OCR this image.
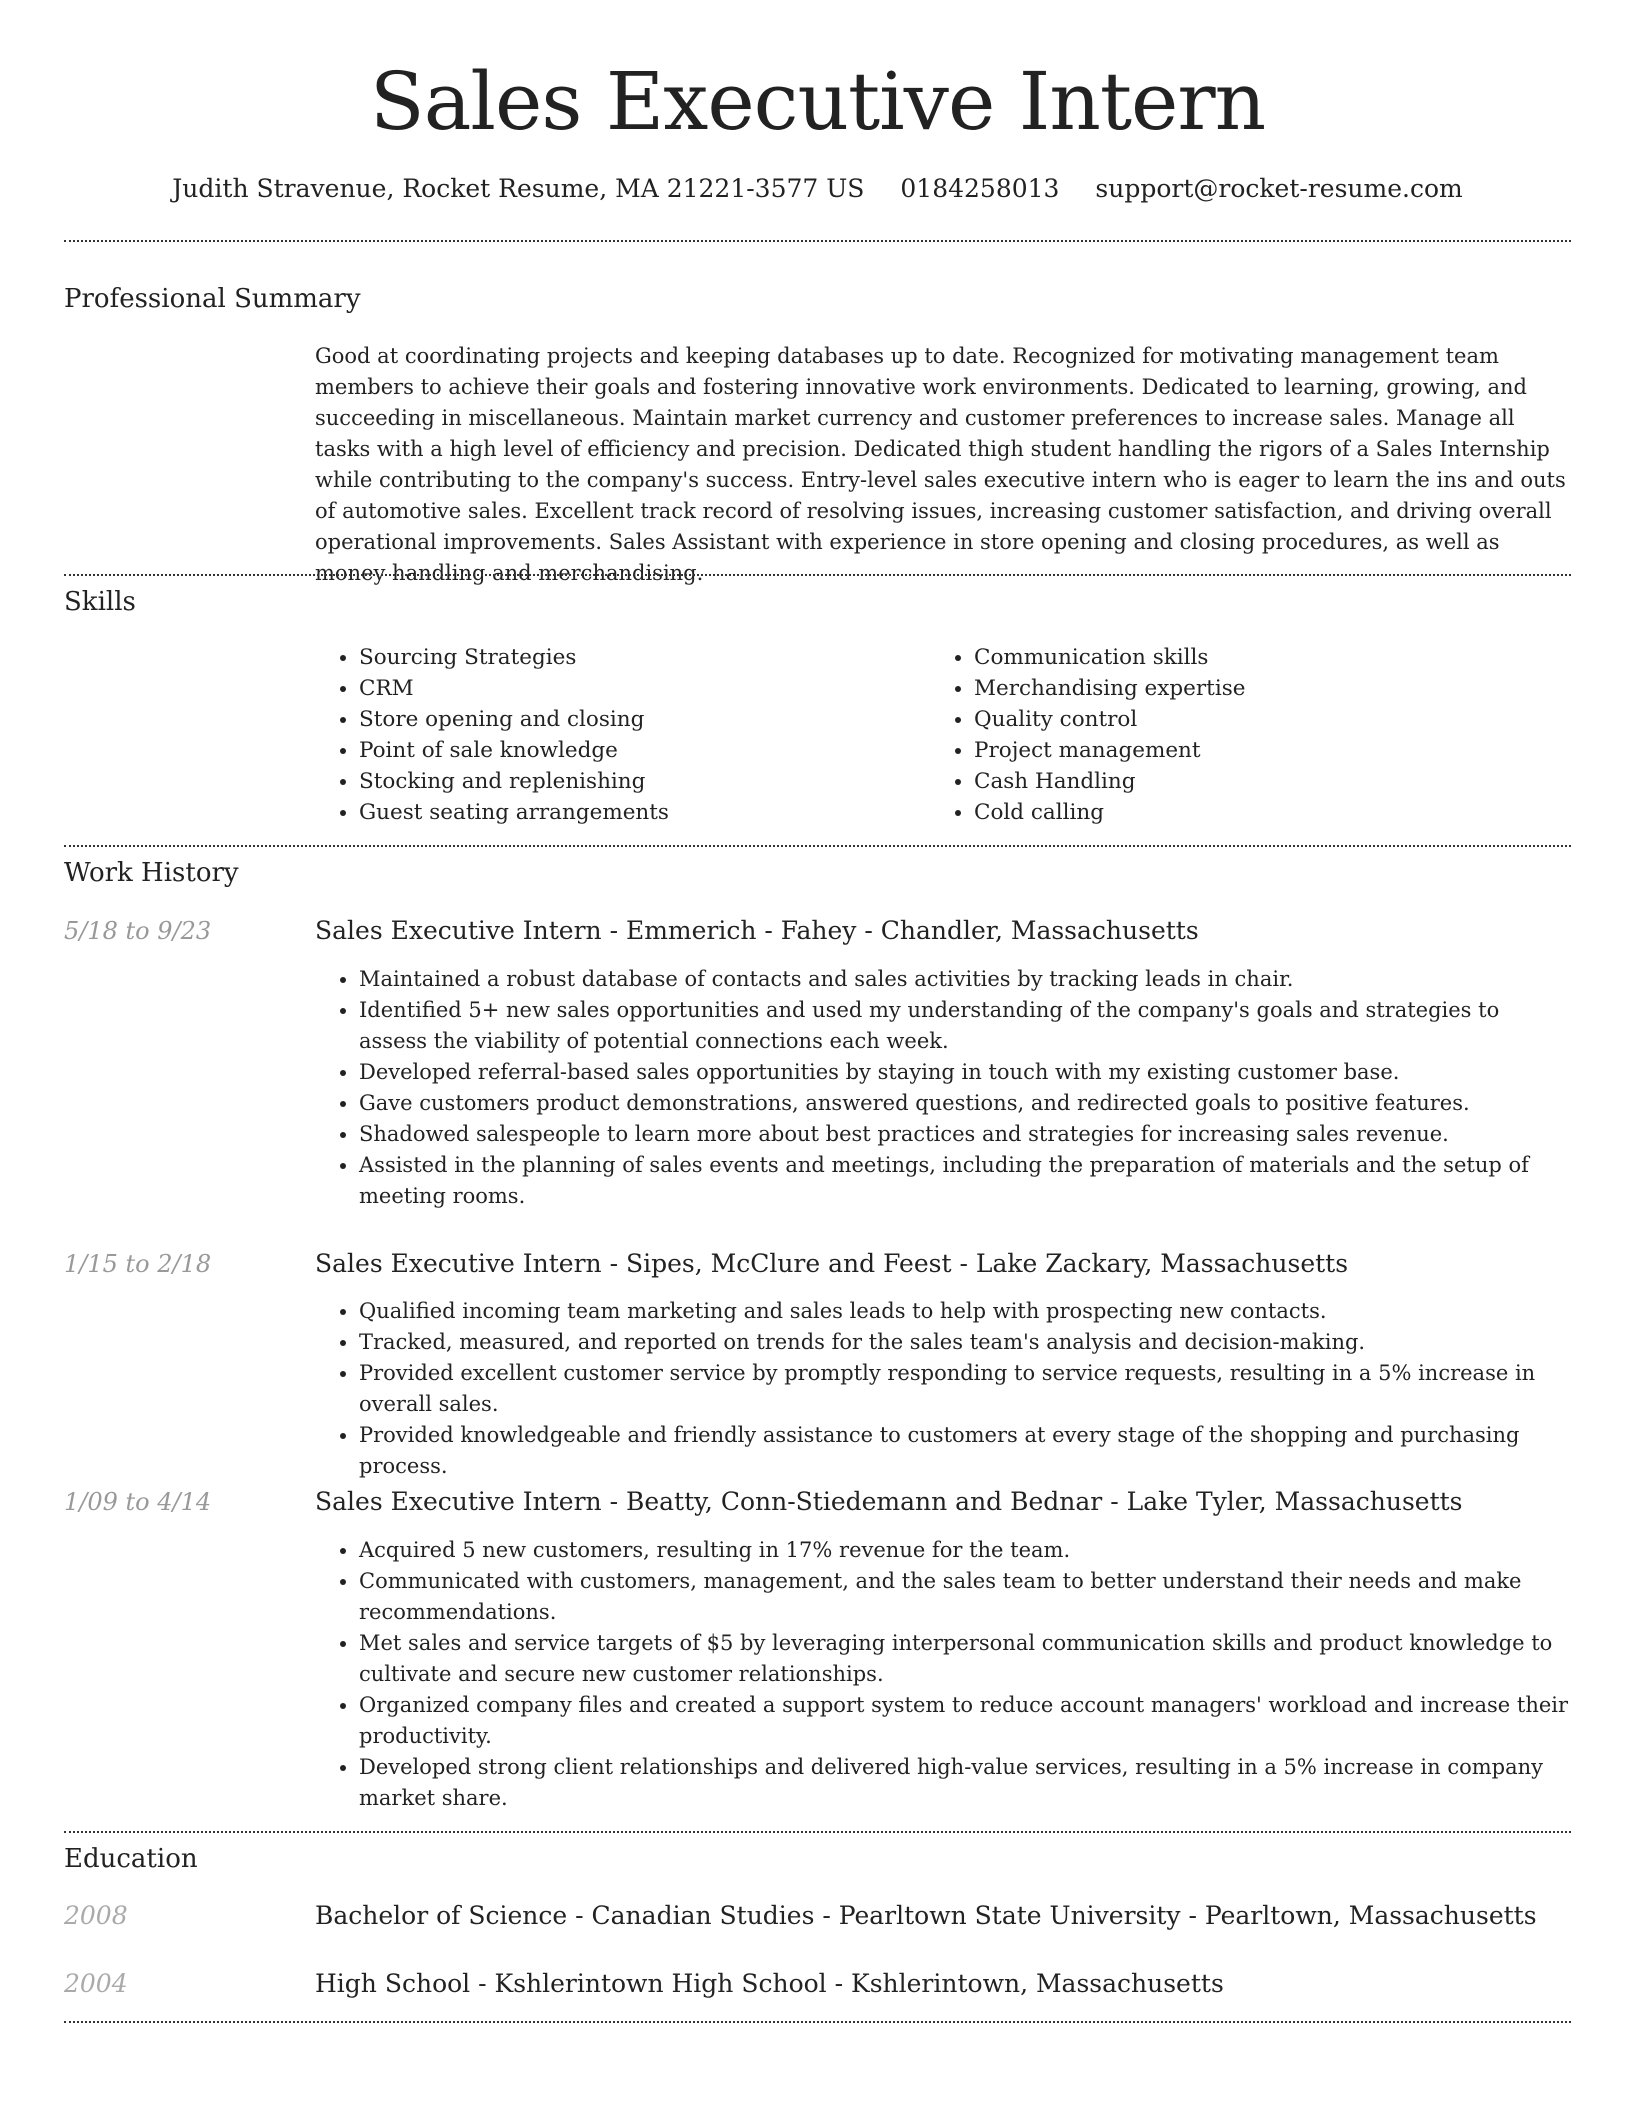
Sales Executive Intern
Judith Stravenue, Rocket Resume, MA 21221-3577 US 0184258013 support@rocket-resume.com
Professional Summary
Good at coordinating projects and keeping databases up to date. Recognized for motivating management team members to achieve their goals and fostering innovative work environments. Dedicated to learning, growing, and succeeding in miscellaneous. Maintain market currency and customer preferences to increase sales. Manage all tasks with a high level of efficiency and precision. Dedicated thigh student handling the rigors of a Sales Internship while contributing to the company's success. Entry-level sales executive intern who is eager to learn the ins and outs of automotive sales. Excellent track record of resolving issues, increasing customer satisfaction, and driving overall operational improvements. Sales Assistant with experience in store opening and closing procedures, as well as money handling and merchandising.
Skills
• Sourcing Strategies
• CRM
• Store opening and closing
• Point of sale knowledge
• Stocking and replenishing
• Guest seating arrangements
• Communication skills
• Merchandising expertise
• Quality control
• Project management
• Cash Handling
• Cold calling
Work History
5/18 to 9/23	Sales Executive Intern - Emmerich - Fahey - Chandler, Massachusetts
• Maintained a robust database of contacts and sales activities by tracking leads in chair.
• Identified 5+ new sales opportunities and used my understanding of the company's goals and strategies to assess the viability of potential connections each week.
• Developed referral-based sales opportunities by staying in touch with my existing customer base.
• Gave customers product demonstrations, answered questions, and redirected goals to positive features.
• Shadowed salespeople to learn more about best practices and strategies for increasing sales revenue.
• Assisted in the planning of sales events and meetings, including the preparation of materials and the setup of meeting rooms.
1/15 to 2/18	Sales Executive Intern - Sipes, McClure and Feest - Lake Zackary, Massachusetts
• Qualified incoming team marketing and sales leads to help with prospecting new contacts.
• Tracked, measured, and reported on trends for the sales team's analysis and decision-making.
• Provided excellent customer service by promptly responding to service requests, resulting in a 5% increase in overall sales.
• Provided knowledgeable and friendly assistance to customers at every stage of the shopping and purchasing process.
1/09 to 4/14	Sales Executive Intern - Beatty, Conn-Stiedemann and Bednar - Lake Tyler, Massachusetts
• Acquired 5 new customers, resulting in 17% revenue for the team.
• Communicated with customers, management, and the sales team to better understand their needs and make recommendations.
• Met sales and service targets of $5 by leveraging interpersonal communication skills and product knowledge to cultivate and secure new customer relationships.
• Organized company files and created a support system to reduce account managers' workload and increase their productivity.
• Developed strong client relationships and delivered high-value services, resulting in a 5% increase in company market share.
Education
2008	Bachelor of Science - Canadian Studies - Pearltown State University - Pearltown, Massachusetts
2004	High School - Kshlerintown High School - Kshlerintown, Massachusetts
